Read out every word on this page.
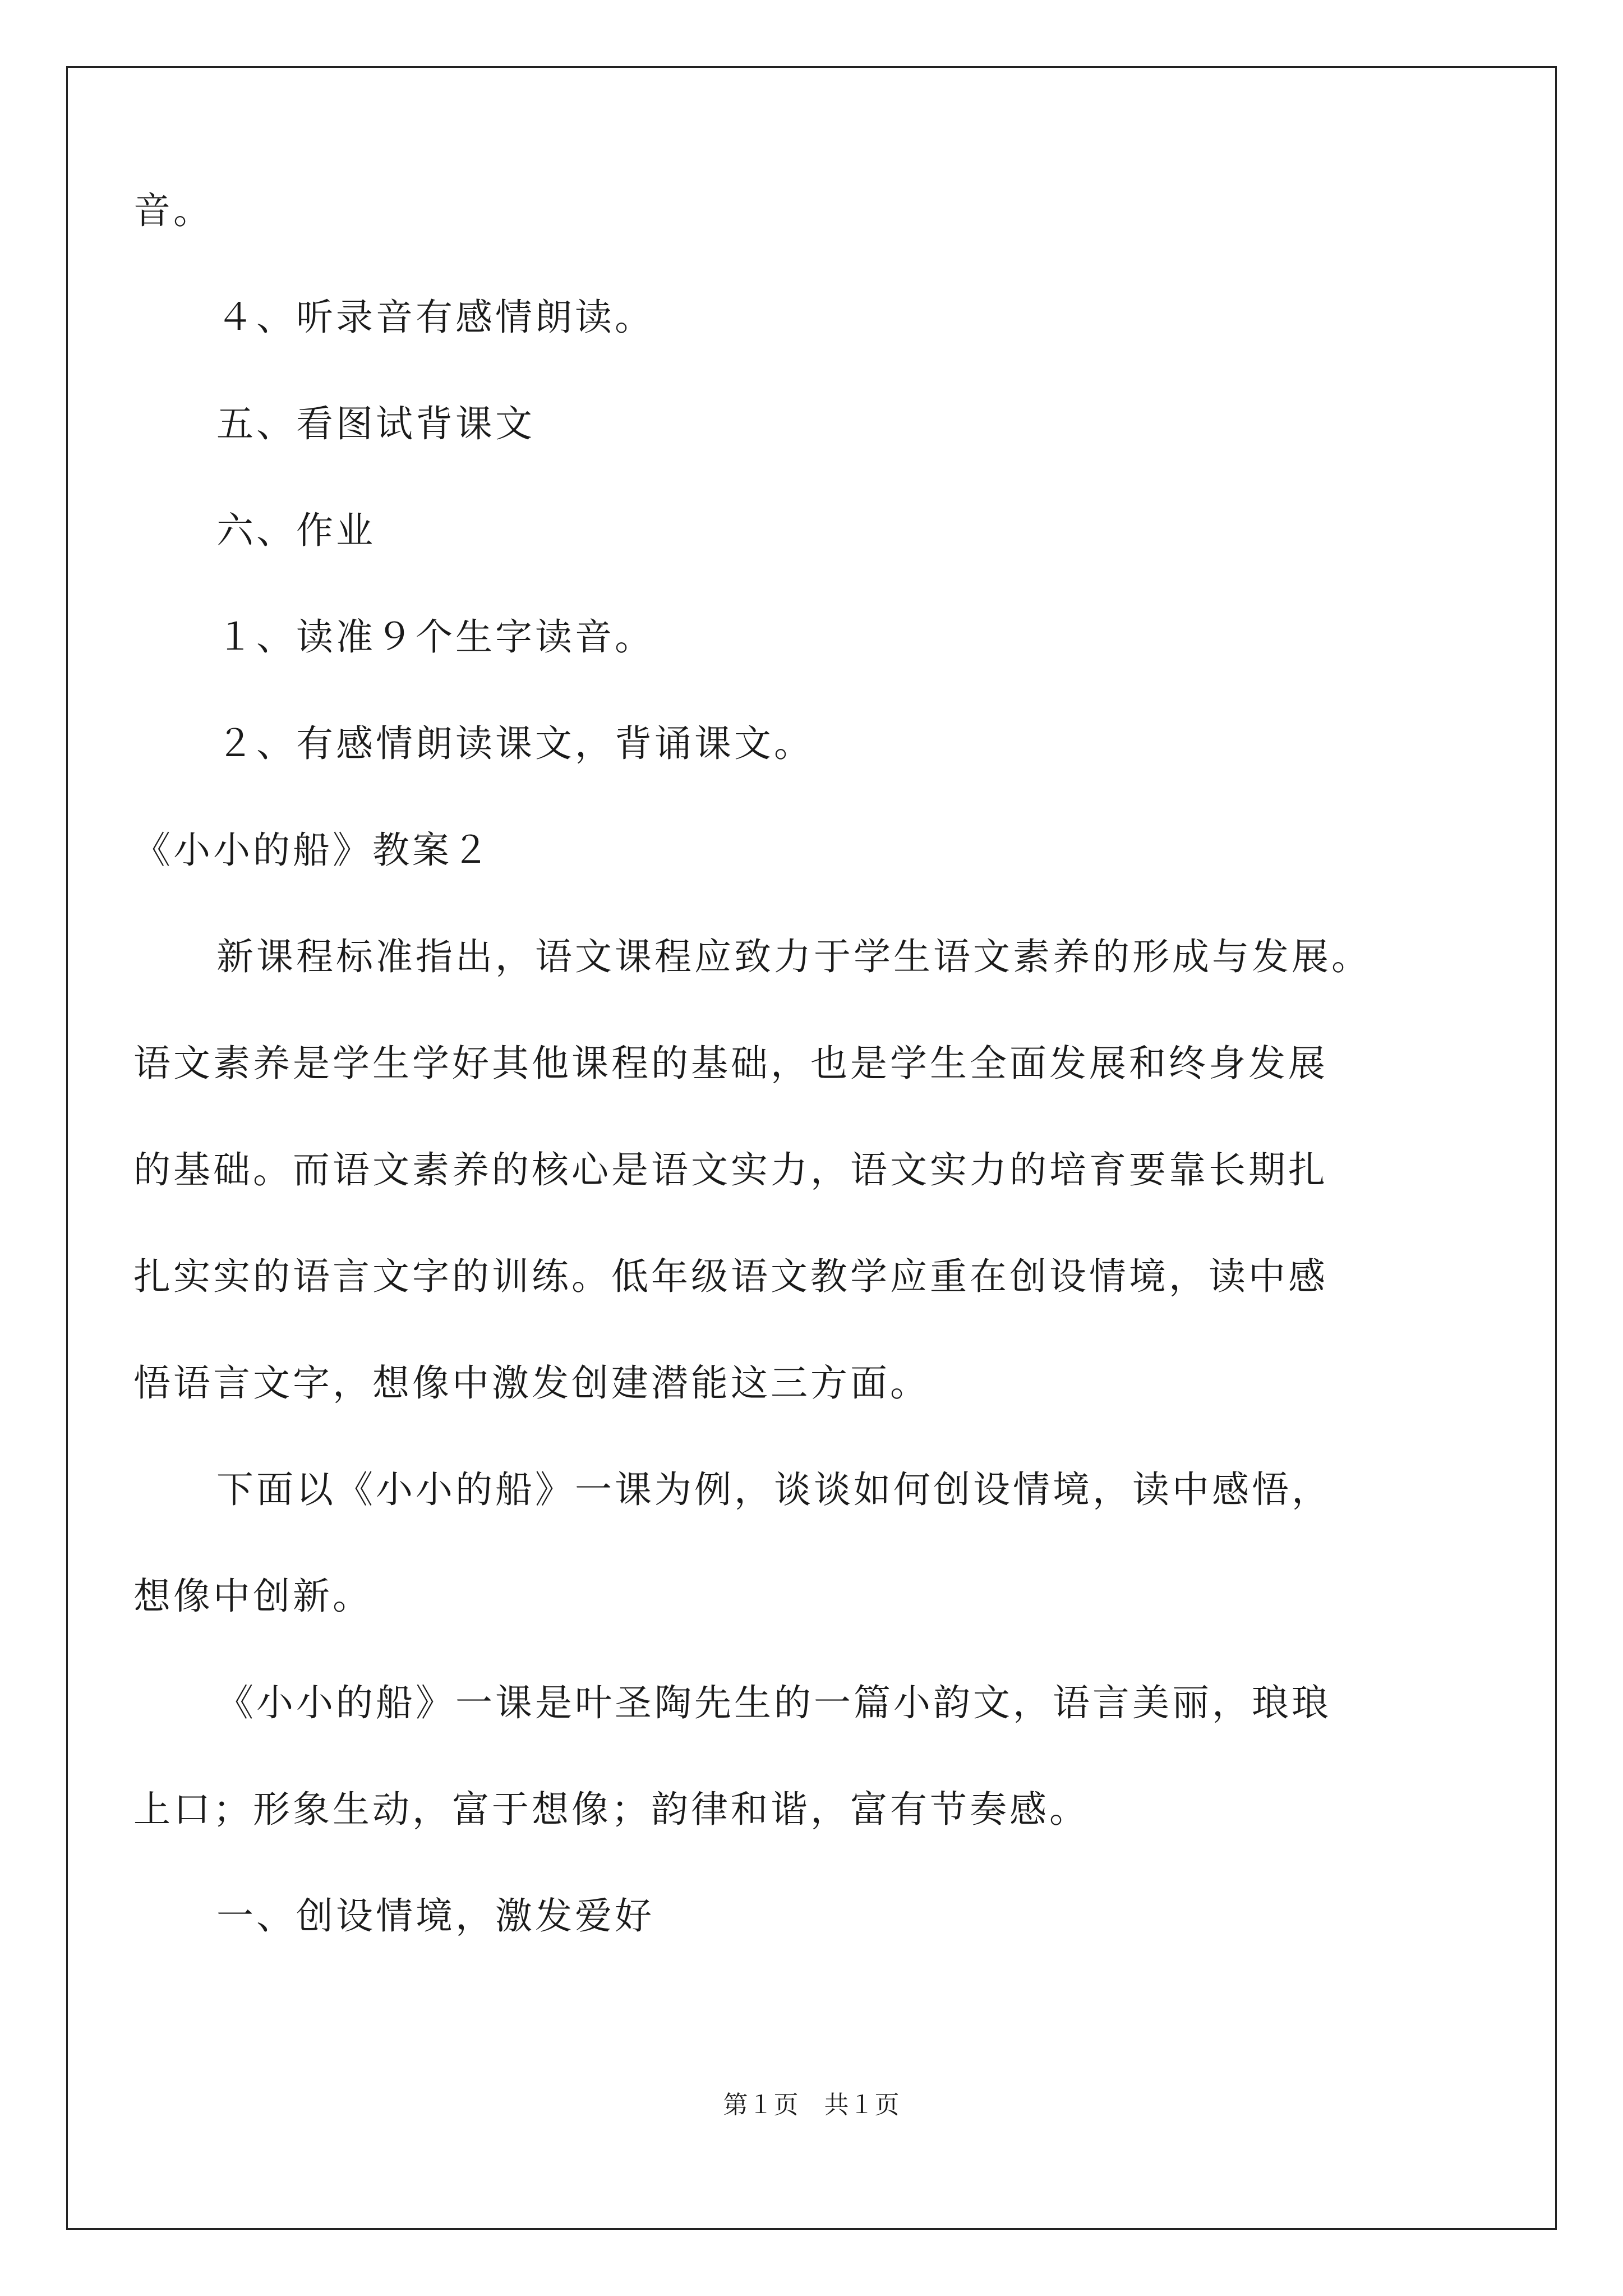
音。
４、听录音有感情朗读。
五、看图试背课文
六、作业
１、读准９个生字读音。
２、有感情朗读课文，背诵课文。
《小小的船》教案２
新课程标准指出，语文课程应致力于学生语文素养的形成与发展。
语文素养是学生学好其他课程的基础，也是学生全面发展和终身发展
的基础。而语文素养的核心是语文实力，语文实力的培育要靠长期扎
扎实实的语言文字的训练。低年级语文教学应重在创设情境，读中感
悟语言文字，想像中激发创建潜能这三方面。
下面以《小小的船》一课为例，谈谈如何创设情境，读中感悟，
想像中创新。
《小小的船》一课是叶圣陶先生的一篇小韵文，语言美丽，琅琅
上口；形象生动，富于想像；韵律和谐，富有节奏感。
一、创设情境，激发爱好
第１页　共１页
